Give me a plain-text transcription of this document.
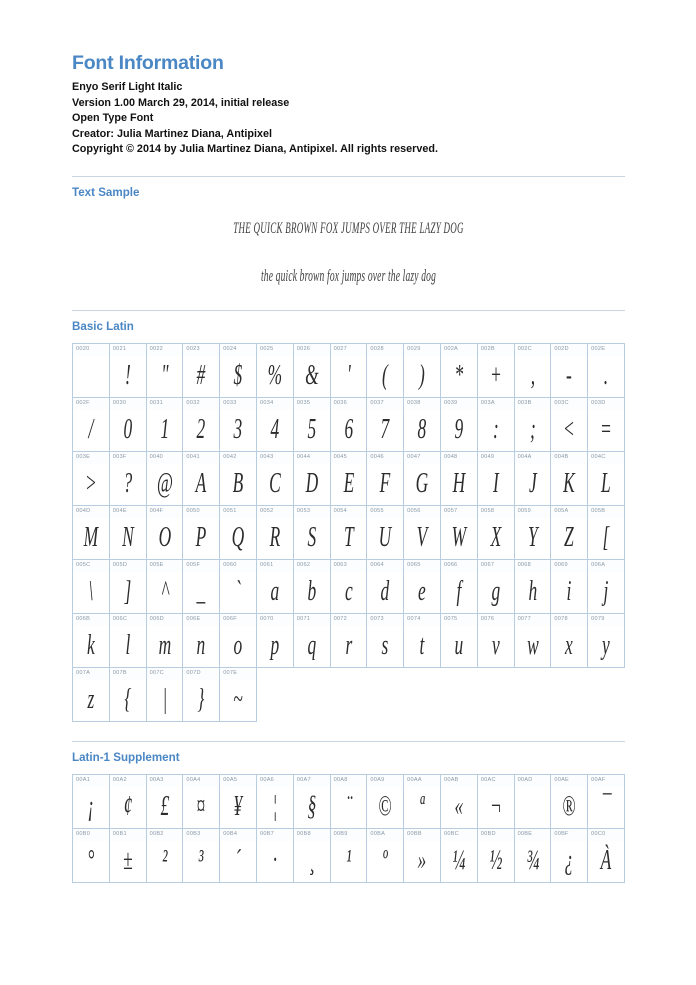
Font Information
Enyo Serif Light Italic
Version 1.00 March 29, 2014, initial release
Open Type Font
Creator: Julia Martinez Diana, Antipixel
Copyright © 2014 by Julia Martinez Diana, Antipixel. All rights reserved.
Text Sample
THE QUICK BROWN FOX JUMPS OVER THE LAZY DOG
the quick brown fox jumps over the lazy dog
Basic Latin
0020	0021
!
0022
"
0023
#
0024
$
0025
%
0026
&
0027
'
0028
(
0029
)
002A
*
002B
+
002C
,
002D
-
002E
.
002F
/
0030
0
0031
1
0032
2
0033
3
0034
4
0035
5
0036
6
0037
7
0038
8
0039
9
003A
:
003B
;
003C
<
003D
=
003E
>
003F
?
0040
@
0041
A
0042
B
0043
C
0044
D
0045
E
0046
F
0047
G
0048
H
0049
I
004A
J
004B
K
004C
L
004D
M
004E
N
004F
O
0050
P
0051
Q
0052
R
0053
S
0054
T
0055
U
0056
V
0057
W
0058
X
0059
Y
005A
Z
005B
[
005C
\
005D
]
005E
^
005F
_
0060
`
0061
a
0062
b
0063
c
0064
d
0065
e
0066
f
0067
g
0068
h
0069
i
006A
j
006B
k
006C
l
006D
m
006E
n
006F
o
0070
p
0071
q
0072
r
0073
s
0074
t
0075
u
0076
v
0077
w
0078
x
0079
y
007A
z
007B
{
007C
|
007D
}
007E
~
Latin-1 Supplement
00A1
¡
00A2
¢
00A3
£
00A4
¤
00A5
¥
00A6
¦
00A7
§
00A8
¨
00A9
©
00AA
ª
00AB
«
00AC
¬
00AD	00AE
®
00AF
¯
00B0
°
00B1
±
00B2
²
00B3
³
00B4
´
00B7
·
00B8
¸
00B9
¹
00BA
º
00BB
»
00BC
¼
00BD
½
00BE
¾
00BF
¿
00C0
À
